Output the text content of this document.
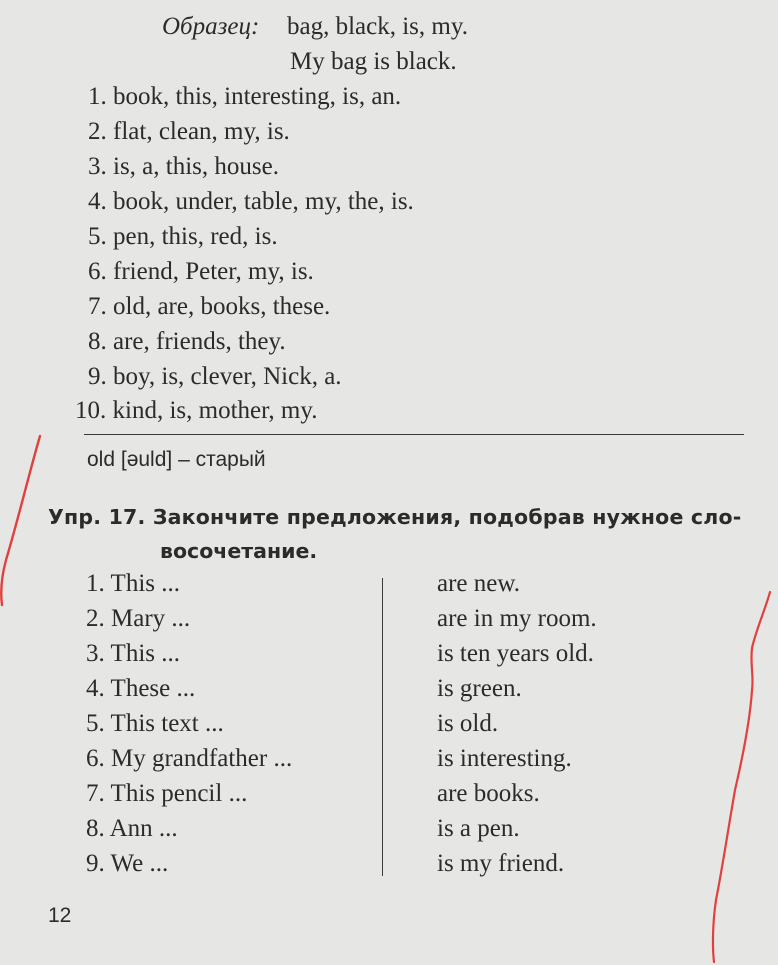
Образец: bag, black, is, my.
My bag is black.
1. book, this, interesting, is, an.
2. flat, clean, my, is.
3. is, a, this, house.
4. book, under, table, my, the, is.
5. pen, this, red, is.
6. friend, Peter, my, is.
7. old, are, books, these.
8. are, friends, they.
9. boy, is, clever, Nick, a.
10. kind, is, mother, my.
old [əuld] – старый
Упр. 17. Закончите предложения, подобрав нужное сло-
восочетание.
1. This ...
2. Mary ...
3. This ...
4. These ...
5. This text ...
6. My grandfather ...
7. This pencil ...
8. Ann ...
9. We ...
are new.
are in my room.
is ten years old.
is green.
is old.
is interesting.
are books.
is a pen.
is my friend.
12
